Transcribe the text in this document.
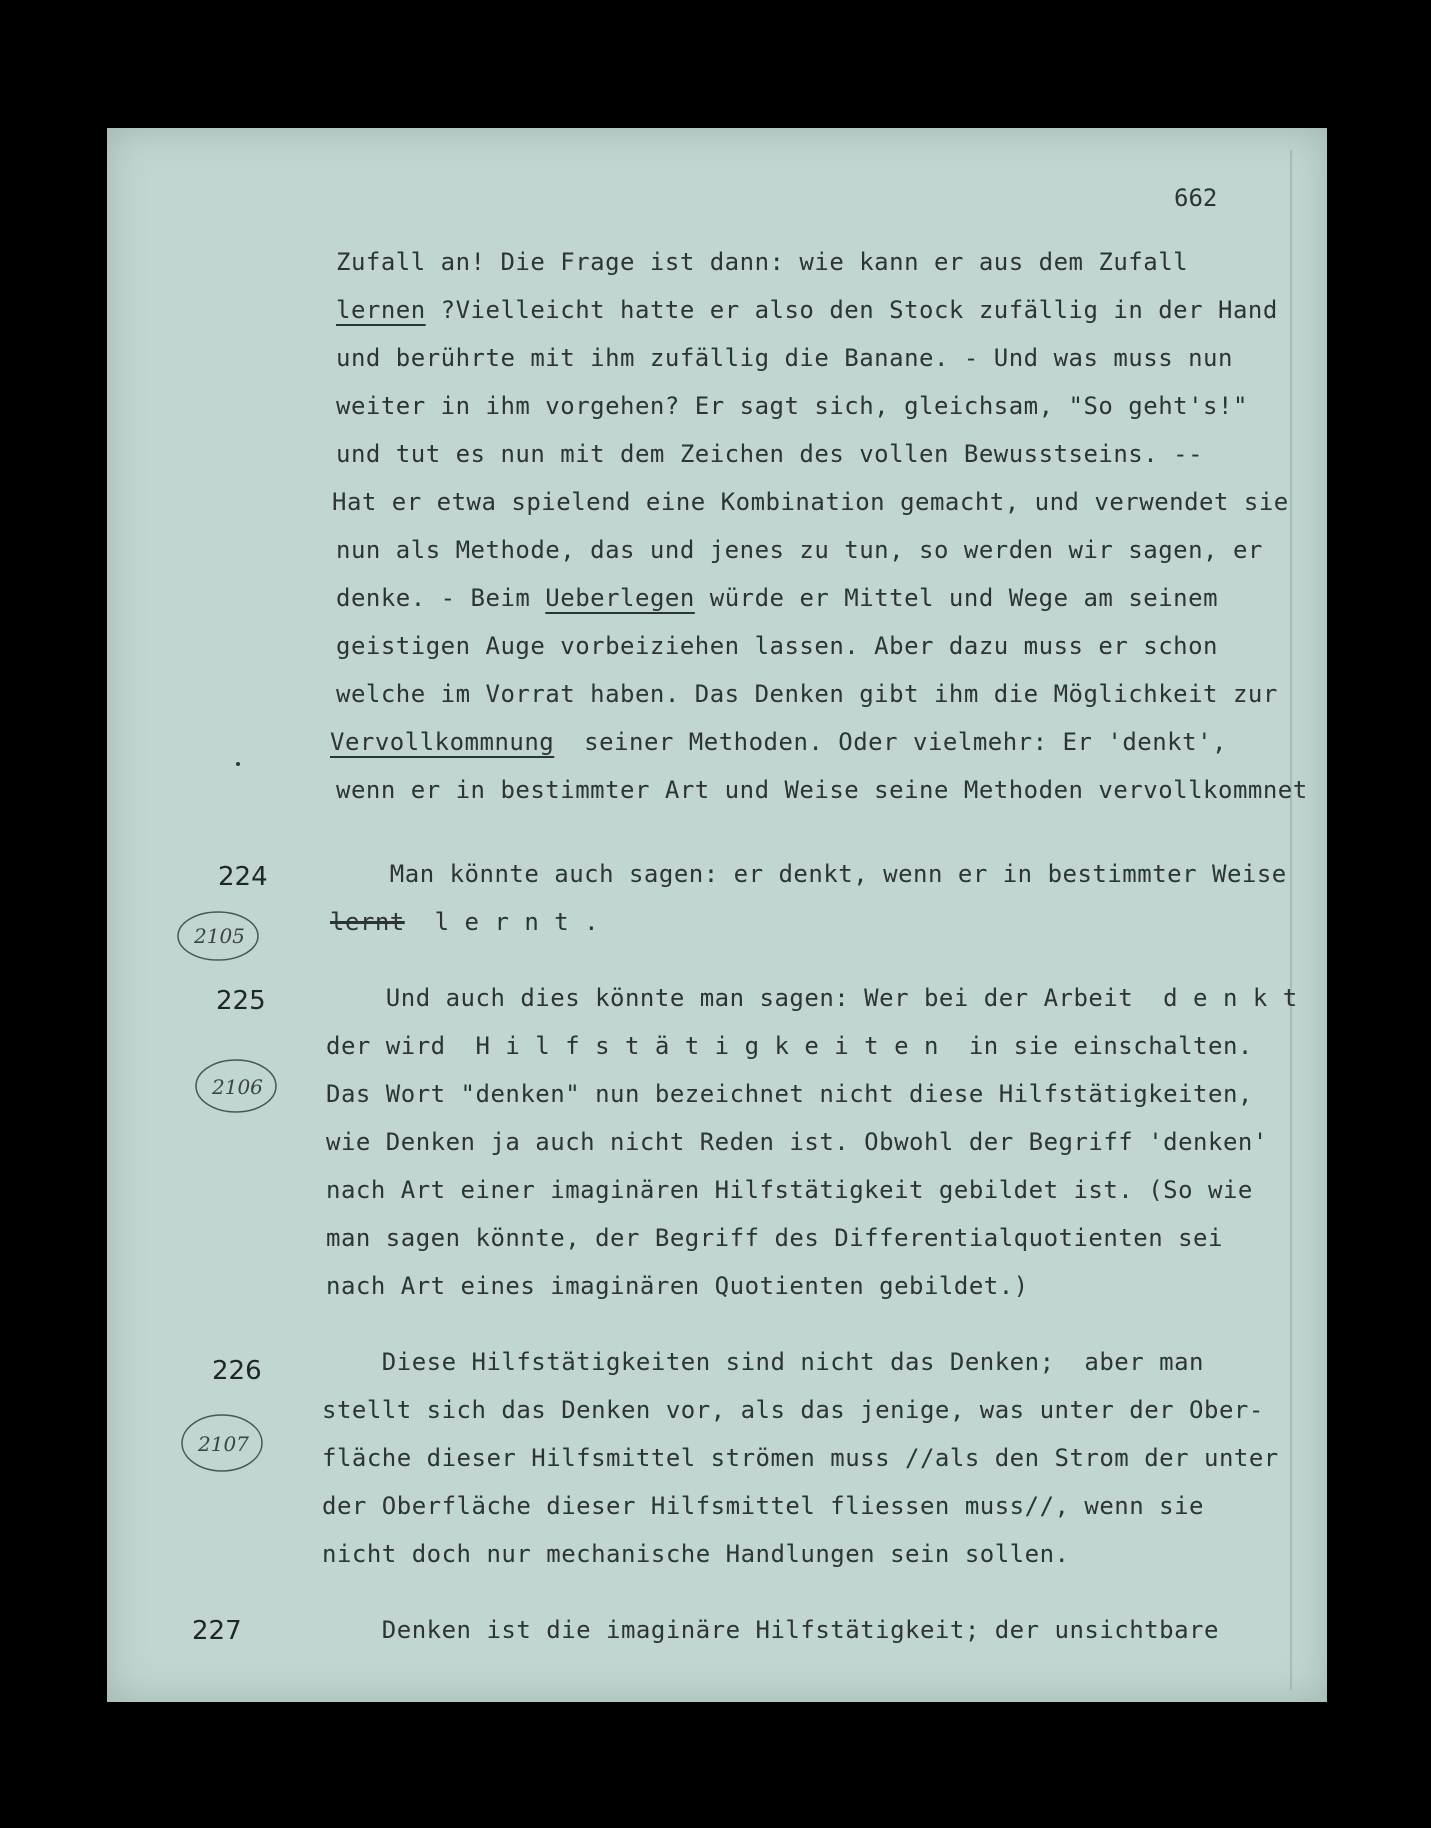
662

Zufall an! Die Frage ist dann: wie kann er aus dem Zufall

lernen ?Vielleicht hatte er also den Stock zufällig in der Hand

und berührte mit ihm zufällig die Banane. - Und was muss nun

weiter in ihm vorgehen? Er sagt sich, gleichsam, "So geht's!"

und tut es nun mit dem Zeichen des vollen Bewusstseins. --

Hat er etwa spielend eine Kombination gemacht, und verwendet sie

nun als Methode, das und jenes zu tun, so werden wir sagen, er

denke. - Beim Ueberlegen würde er Mittel und Wege am seinem

geistigen Auge vorbeiziehen lassen. Aber dazu muss er schon

welche im Vorrat haben. Das Denken gibt ihm die Möglichkeit zur

Vervollkommnung  seiner Methoden. Oder vielmehr: Er 'denkt',

wenn er in bestimmter Art und Weise seine Methoden vervollkommnet

224
2105

Man könnte auch sagen: er denkt, wenn er in bestimmter Weise

lernt  l e r n t .

225
2106

Und auch dies könnte man sagen: Wer bei der Arbeit  d e n k t

der wird  H i l f s t ä t i g k e i t e n  in sie einschalten.

Das Wort "denken" nun bezeichnet nicht diese Hilfstätigkeiten,

wie Denken ja auch nicht Reden ist. Obwohl der Begriff 'denken'

nach Art einer imaginären Hilfstätigkeit gebildet ist. (So wie

man sagen könnte, der Begriff des Differentialquotienten sei

nach Art eines imaginären Quotienten gebildet.)

226
2107

Diese Hilfstätigkeiten sind nicht das Denken;  aber man

stellt sich das Denken vor, als das jenige, was unter der Ober-

fläche dieser Hilfsmittel strömen muss //als den Strom der unter

der Oberfläche dieser Hilfsmittel fliessen muss//, wenn sie

nicht doch nur mechanische Handlungen sein sollen.

227

	Denken ist die imaginäre Hilfstätigkeit; der unsichtbare
